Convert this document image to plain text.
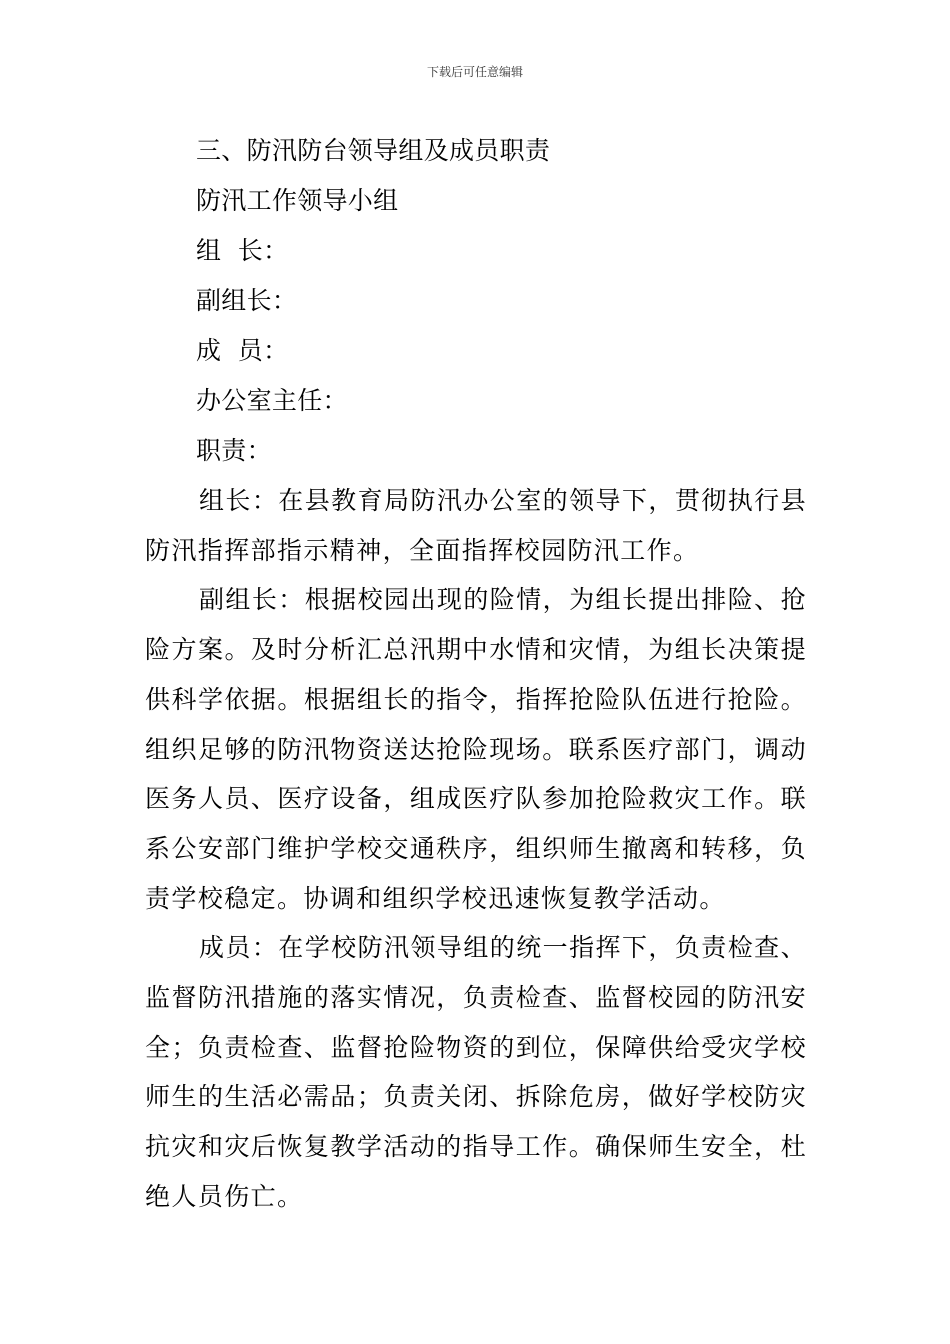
下载后可任意编辑
三、防汛防台领导组及成员职责
防汛工作领导小组
组  长：
副组长：
成  员：
办公室主任：
职责：

组长：在县教育局防汛办公室的领导下，贯彻执行县防汛指挥部指示精神，全面指挥校园防汛工作。

副组长：根据校园出现的险情，为组长提出排险、抢险方案。及时分析汇总汛期中水情和灾情，为组长决策提供科学依据。根据组长的指令，指挥抢险队伍进行抢险。组织足够的防汛物资送达抢险现场。联系医疗部门，调动医务人员、医疗设备，组成医疗队参加抢险救灾工作。联系公安部门维护学校交通秩序，组织师生撤离和转移，负责学校稳定。协调和组织学校迅速恢复教学活动。

成员：在学校防汛领导组的统一指挥下，负责检查、监督防汛措施的落实情况，负责检查、监督校园的防汛安全；负责检查、监督抢险物资的到位，保障供给受灾学校师生的生活必需品；负责关闭、拆除危房，做好学校防灾抗灾和灾后恢复教学活动的指导工作。确保师生安全，杜绝人员伤亡。
